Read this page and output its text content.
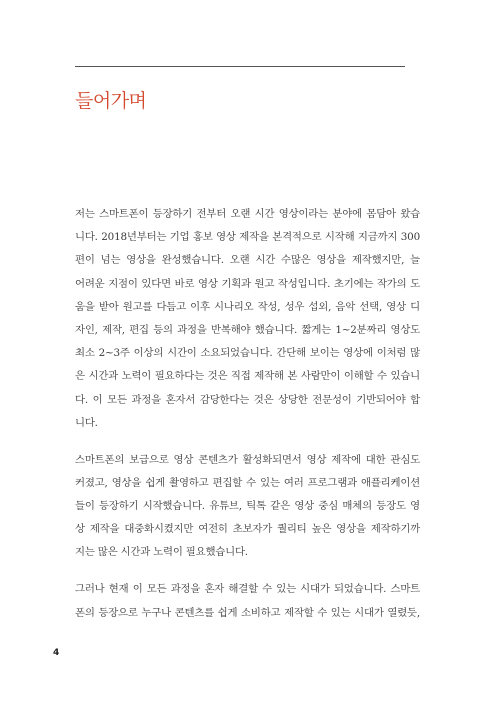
들어가며

저는 스마트폰이 등장하기 전부터 오랜 시간 영상이라는 분야에 몸담아 왔습
니다. 2018년부터는 기업 홍보 영상 제작을 본격적으로 시작해 지금까지 300
편이 넘는 영상을 완성했습니다. 오랜 시간 수많은 영상을 제작했지만, 늘
어려운 지점이 있다면 바로 영상 기획과 원고 작성입니다. 초기에는 작가의 도
움을 받아 원고를 다듬고 이후 시나리오 작성, 성우 섭외, 음악 선택, 영상 디
자인, 제작, 편집 등의 과정을 반복해야 했습니다. 짧게는 1~2분짜리 영상도
최소 2~3주 이상의 시간이 소요되었습니다. 간단해 보이는 영상에 이처럼 많
은 시간과 노력이 필요하다는 것은 직접 제작해 본 사람만이 이해할 수 있습니
다. 이 모든 과정을 혼자서 감당한다는 것은 상당한 전문성이 기반되어야 합
니다.

스마트폰의 보급으로 영상 콘텐츠가 활성화되면서 영상 제작에 대한 관심도
커졌고, 영상을 쉽게 촬영하고 편집할 수 있는 여러 프로그램과 애플리케이션
들이 등장하기 시작했습니다. 유튜브, 틱톡 같은 영상 중심 매체의 등장도 영
상 제작을 대중화시켰지만 여전히 초보자가 퀄리티 높은 영상을 제작하기까
지는 많은 시간과 노력이 필요했습니다.

그러나 현재 이 모든 과정을 혼자 해결할 수 있는 시대가 되었습니다. 스마트
폰의 등장으로 누구나 콘텐츠를 쉽게 소비하고 제작할 수 있는 시대가 열렸듯,

4
